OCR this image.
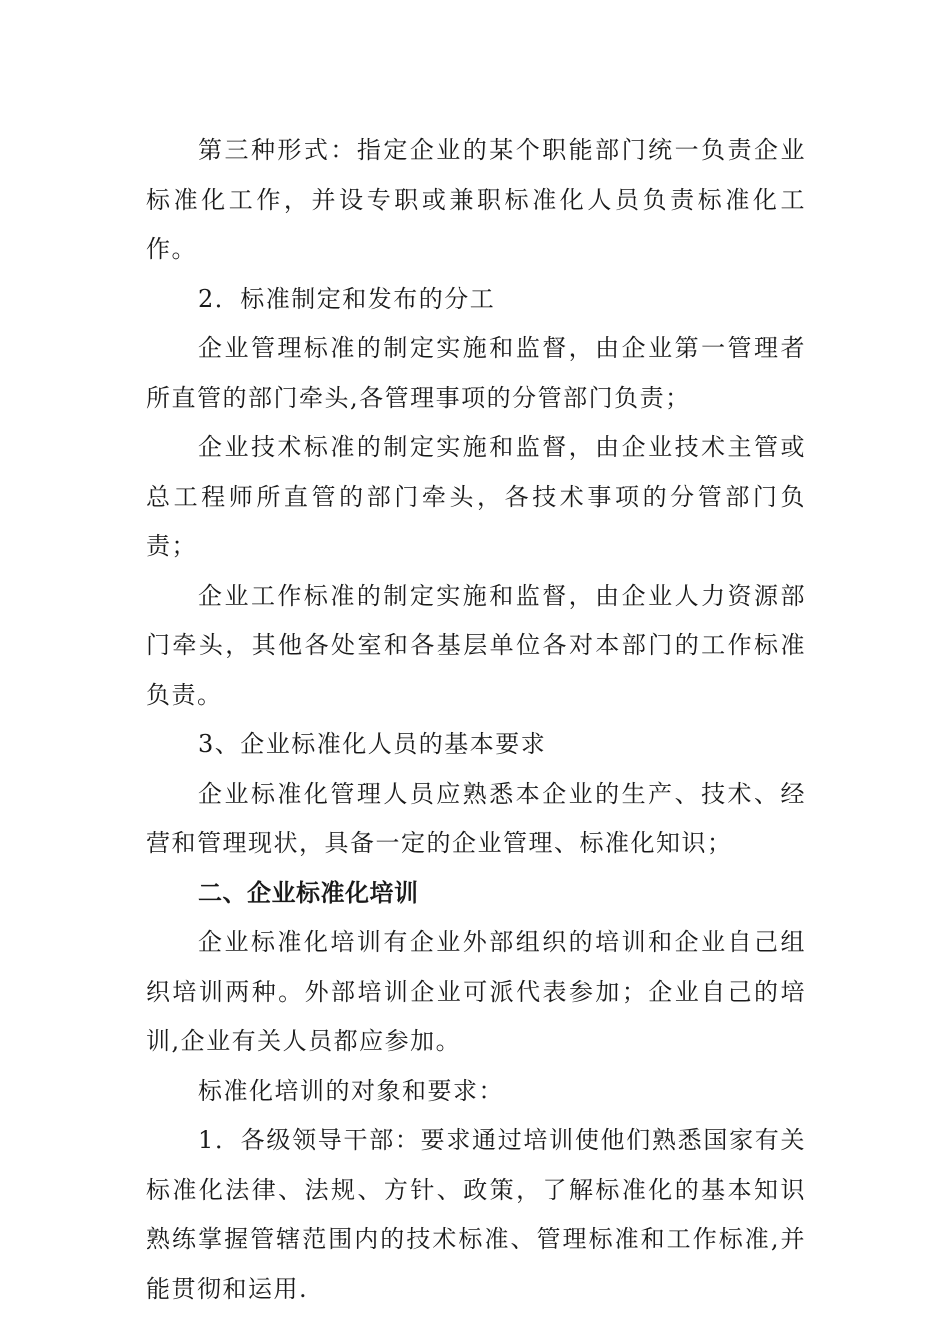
第三种形式：指定企业的某个职能部门统一负责企业标准化工作，并设专职或兼职标准化人员负责标准化工作。

2．标准制定和发布的分工

企业管理标准的制定实施和监督，由企业第一管理者所直管的部门牵头,各管理事项的分管部门负责；

企业技术标准的制定实施和监督，由企业技术主管或总工程师所直管的部门牵头，各技术事项的分管部门负责；

企业工作标准的制定实施和监督，由企业人力资源部门牵头，其他各处室和各基层单位各对本部门的工作标准负责。

3、企业标准化人员的基本要求

企业标准化管理人员应熟悉本企业的生产、技术、经营和管理现状，具备一定的企业管理、标准化知识；

二、企业标准化培训

企业标准化培训有企业外部组织的培训和企业自己组织培训两种。外部培训企业可派代表参加；企业自己的培训,企业有关人员都应参加。

标准化培训的对象和要求：

1．各级领导干部：要求通过培训使他们熟悉国家有关标准化法律、法规、方针、政策，了解标准化的基本知识熟练掌握管辖范围内的技术标准、管理标准和工作标准,并能贯彻和运用.
